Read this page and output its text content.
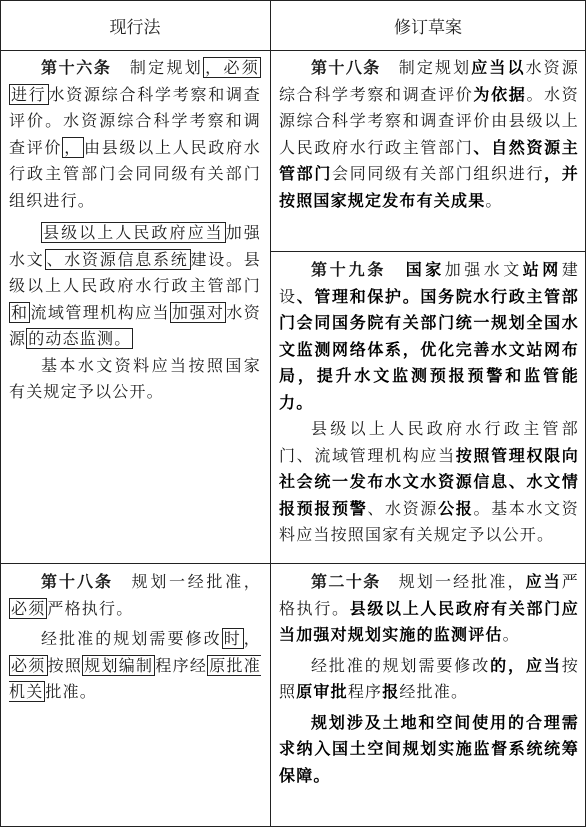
现行法	修订草案

第十六条　制定规划 ，必须进行 水资源综合科学考察和调查评价。水资源综合科学考察和调查评价 ， 由县级以上人民政府水行政主管部门会同同级有关部门组织进行。

县级以上人民政府应当 加强水文 、水资源信息系统 建设。县级以上人民政府水行政主管部门和 流域管理机构应当 加强对 水资源 的动态监测。

基本水文资料应当按照国家有关规定予以公开。

第十八条　制定规划应当以水资源综合科学考察和调查评价为依据。水资源综合科学考察和调查评价由县级以上人民政府水行政主管部门、自然资源主管部门会同同级有关部门组织进行，并按照国家规定发布有关成果。

第十九条　 国家加强水文站网建设、管理和保护。国务院水行政主管部门会同国务院有关部门统一规划全国水文监测网络体系，优化完善水文站网布局，提升水文监测预报预警和监管能力。

县级以上人民政府水行政主管部门、流域管理机构应当按照管理权限向社会统一发布水文水资源信息、水文情报预报预警、水资源公报。基本水文资料应当按照国家有关规定予以公开。

第十八条　规划一经批准，必须 严格执行。

经批准的规划需要修改 时 ，必须 按照 规划编制 程序经 原批准机关 批准。

第二十条　规划一经批准，应当严格执行。县级以上人民政府有关部门应当加强对规划实施的监测评估。

经批准的规划需要修改的，应当按照原审批程序报经批准。

规划涉及土地和空间使用的合理需求纳入国土空间规划实施监督系统统筹保障。
